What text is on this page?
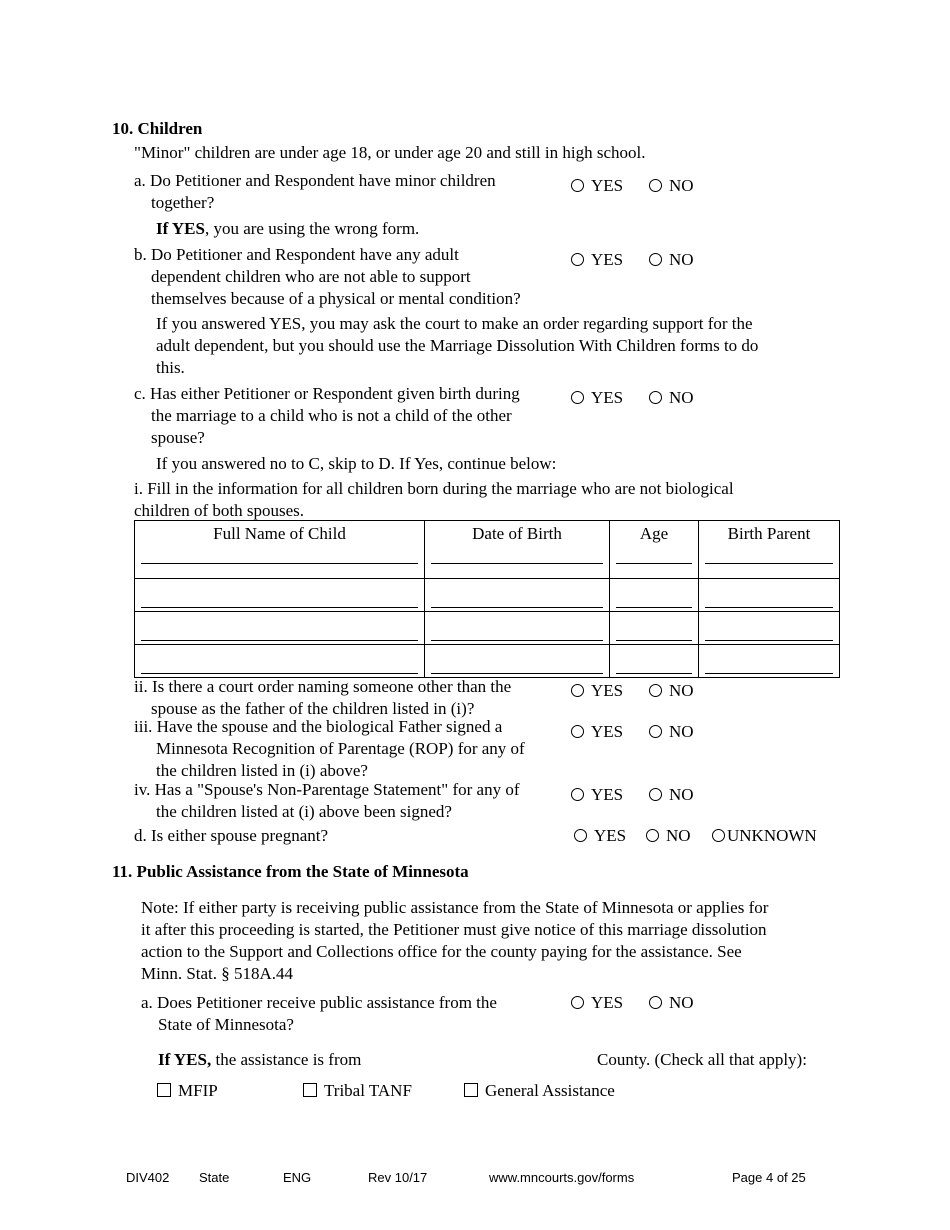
10. Children
"Minor" children are under age 18, or under age 20 and still in high school.
a. Do Petitioner and Respondent have minor children
together?
YES	NO
If YES, you are using the wrong form.
b. Do Petitioner and Respondent have any adult
dependent children who are not able to support
themselves because of a physical or mental condition?
YES	NO
If you answered YES, you may ask the court to make an order regarding support for the
adult dependent, but you should use the Marriage Dissolution With Children forms to do
this.
c. Has either Petitioner or Respondent given birth during
the marriage to a child who is not a child of the other
spouse?
YES	NO
If you answered no to C, skip to D. If Yes, continue below:
i. Fill in the information for all children born during the marriage who are not biological
children of both spouses.
Full Name of Child	Date of Birth	Age	Birth Parent

ii. Is there a court order naming someone other than the
spouse as the father of the children listed in (i)?
YES	NO
iii. Have the spouse and the biological Father signed a
Minnesota Recognition of Parentage (ROP) for any of
the children listed in (i) above?
YES	NO
iv. Has a "Spouse's Non-Parentage Statement" for any of
the children listed at (i) above been signed?
YES	NO
d. Is either spouse pregnant?	YES	NO	UNKNOWN
11. Public Assistance from the State of Minnesota
Note: If either party is receiving public assistance from the State of Minnesota or applies for
it after this proceeding is started, the Petitioner must give notice of this marriage dissolution
action to the Support and Collections office for the county paying for the assistance. See
Minn. Stat. § 518A.44
a. Does Petitioner receive public assistance from the
State of Minnesota?
YES	NO
If YES, the assistance is from	County. (Check all that apply):
MFIP	Tribal TANF	General Assistance
DIV402 State	ENG	Rev 10/17	www.mncourts.gov/forms	Page 4 of 25
